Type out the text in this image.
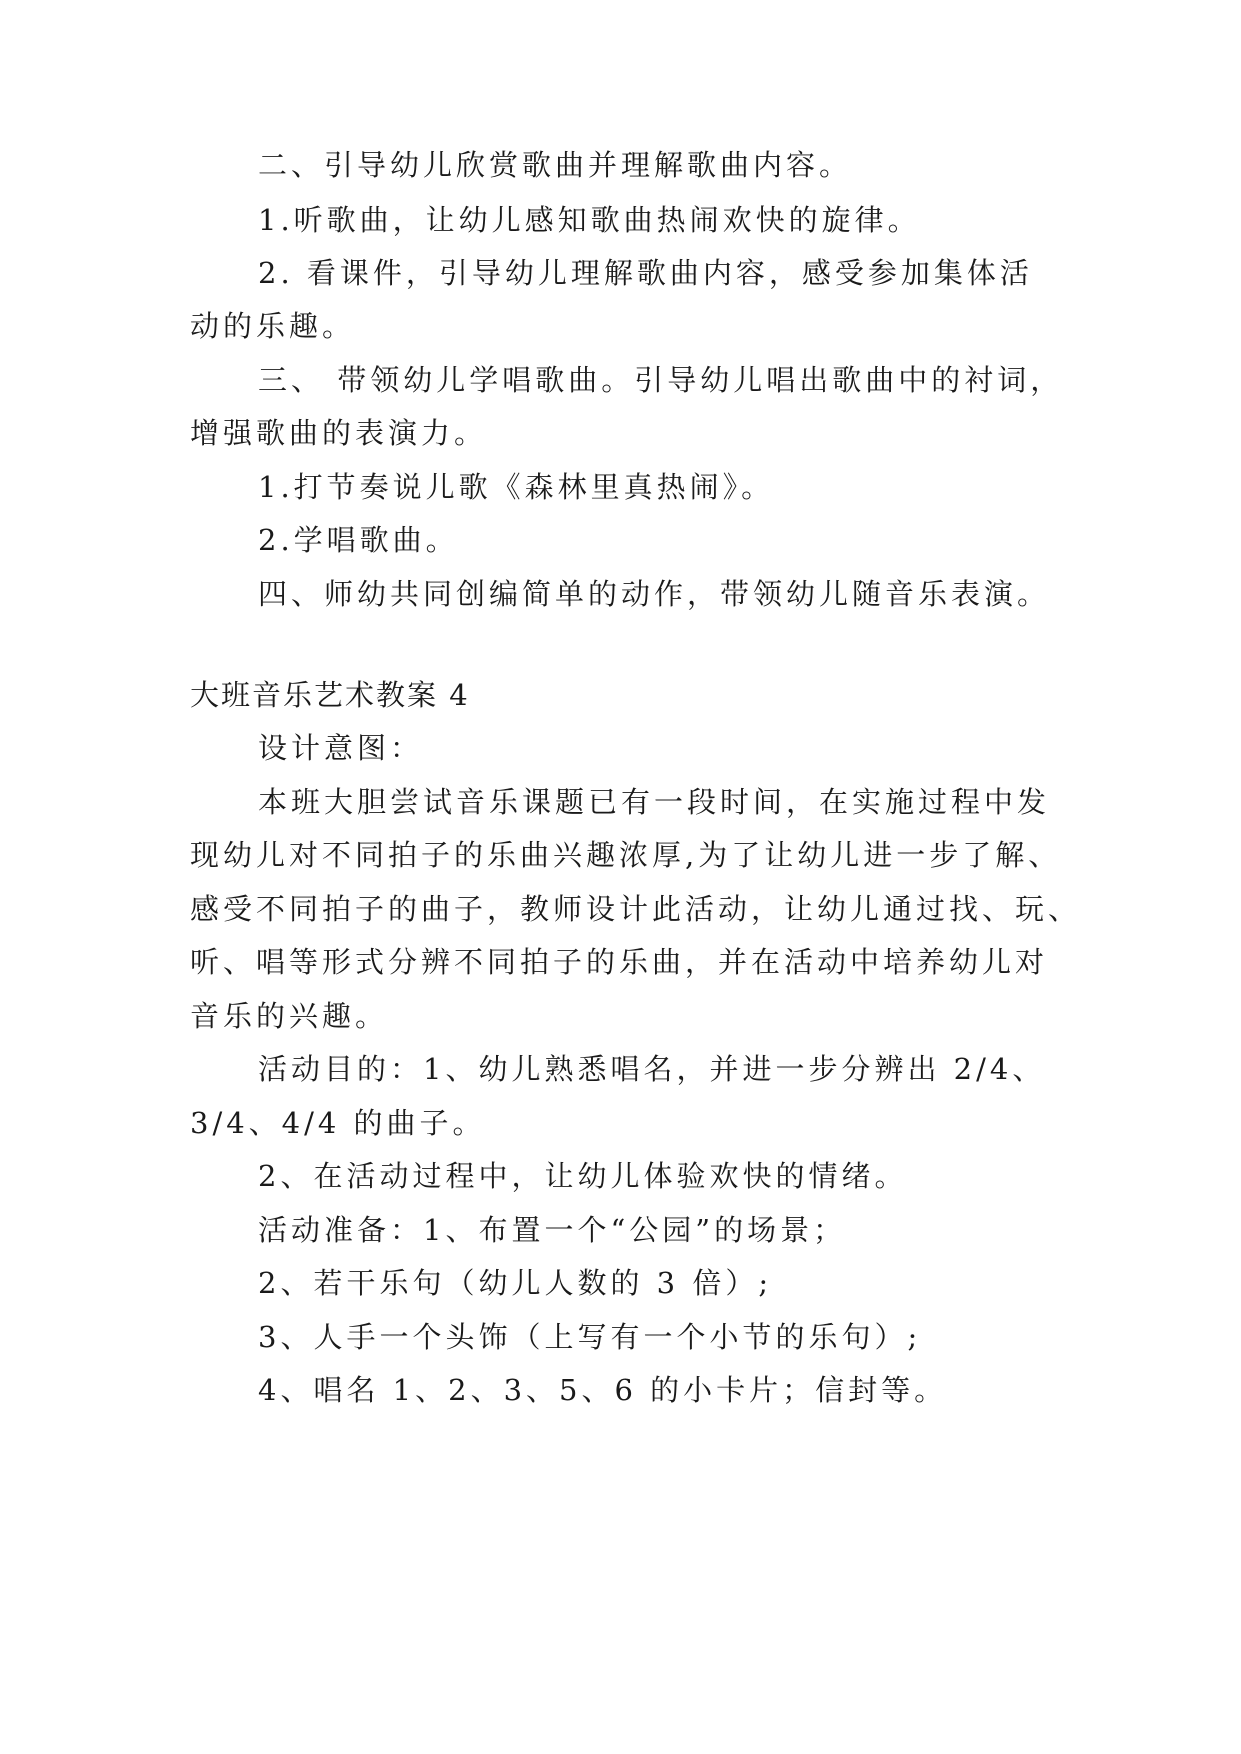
二、引导幼儿欣赏歌曲并理解歌曲内容。
1.听歌曲，让幼儿感知歌曲热闹欢快的旋律。
2. 看课件，引导幼儿理解歌曲内容，感受参加集体活
动的乐趣。
三、 带领幼儿学唱歌曲。引导幼儿唱出歌曲中的衬词，
增强歌曲的表演力。
1.打节奏说儿歌《森林里真热闹》。
2.学唱歌曲。
四、师幼共同创编简单的动作，带领幼儿随音乐表演。
大班音乐艺术教案 4
设计意图：
本班大胆尝试音乐课题已有一段时间，在实施过程中发
现幼儿对不同拍子的乐曲兴趣浓厚,为了让幼儿进一步了解、
感受不同拍子的曲子，教师设计此活动，让幼儿通过找、玩、
听、唱等形式分辨不同拍子的乐曲，并在活动中培养幼儿对
音乐的兴趣。
活动目的：1、幼儿熟悉唱名，并进一步分辨出 2/4、
3/4、4/4 的曲子。
2、在活动过程中，让幼儿体验欢快的情绪。
活动准备：1、布置一个“公园”的场景；
2、若干乐句（幼儿人数的 3 倍）;
3、人手一个头饰（上写有一个小节的乐句）;
4、唱名 1、2、3、5、6 的小卡片；信封等。
